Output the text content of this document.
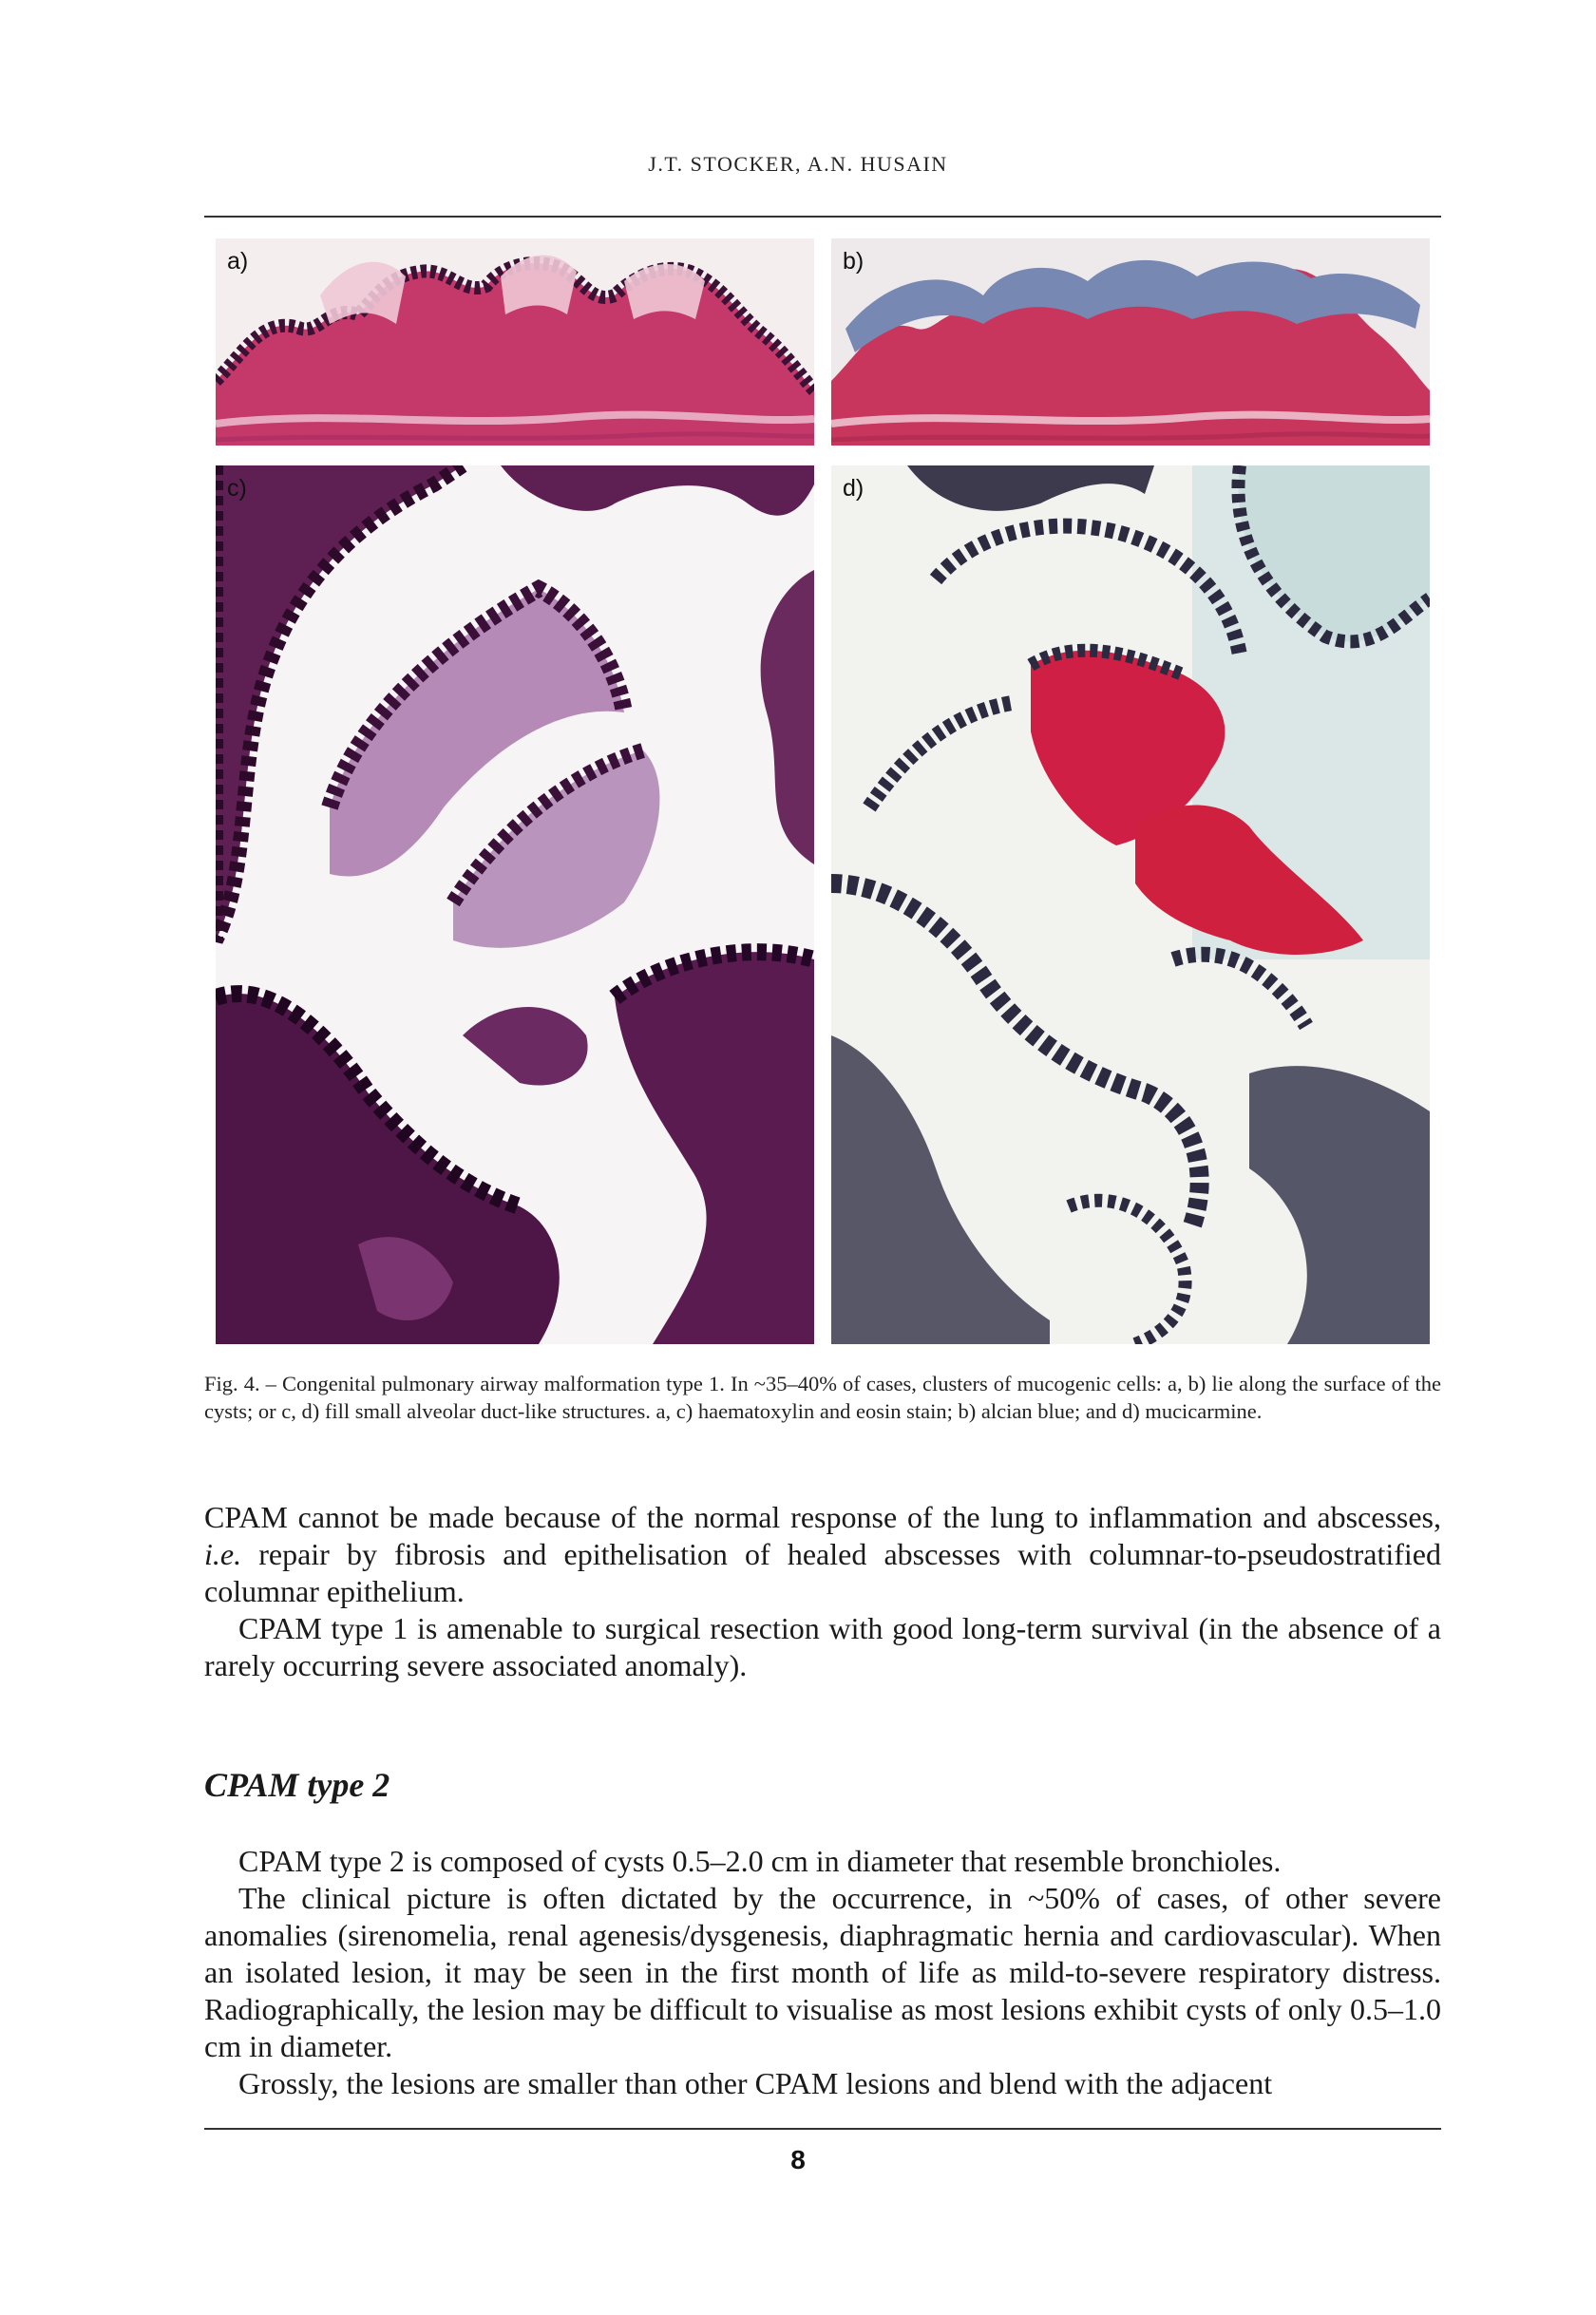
J.T. STOCKER, A.N. HUSAIN
a)	b)
c)	d)
Fig. 4. – Congenital pulmonary airway malformation type 1. In ~35–40% of cases, clusters of mucogenic cells: a, b) lie along the surface of the cysts; or c, d) fill small alveolar duct-like structures. a, c) haematoxylin and eosin stain; b) alcian blue; and d) mucicarmine.

CPAM cannot be made because of the normal response of the lung to inflammation and abscesses, i.e. repair by fibrosis and epithelisation of healed abscesses with columnar-to-pseudostratified columnar epithelium.

CPAM type 1 is amenable to surgical resection with good long-term survival (in the absence of a rarely occurring severe associated anomaly).

CPAM type 2

CPAM type 2 is composed of cysts 0.5–2.0 cm in diameter that resemble bronchioles.

The clinical picture is often dictated by the occurrence, in ~50% of cases, of other severe anomalies (sirenomelia, renal agenesis/dysgenesis, diaphragmatic hernia and cardiovascular). When an isolated lesion, it may be seen in the first month of life as mild-to-severe respiratory distress. Radiographically, the lesion may be difficult to visualise as most lesions exhibit cysts of only 0.5–1.0 cm in diameter.

Grossly, the lesions are smaller than other CPAM lesions and blend with the adjacent

8
